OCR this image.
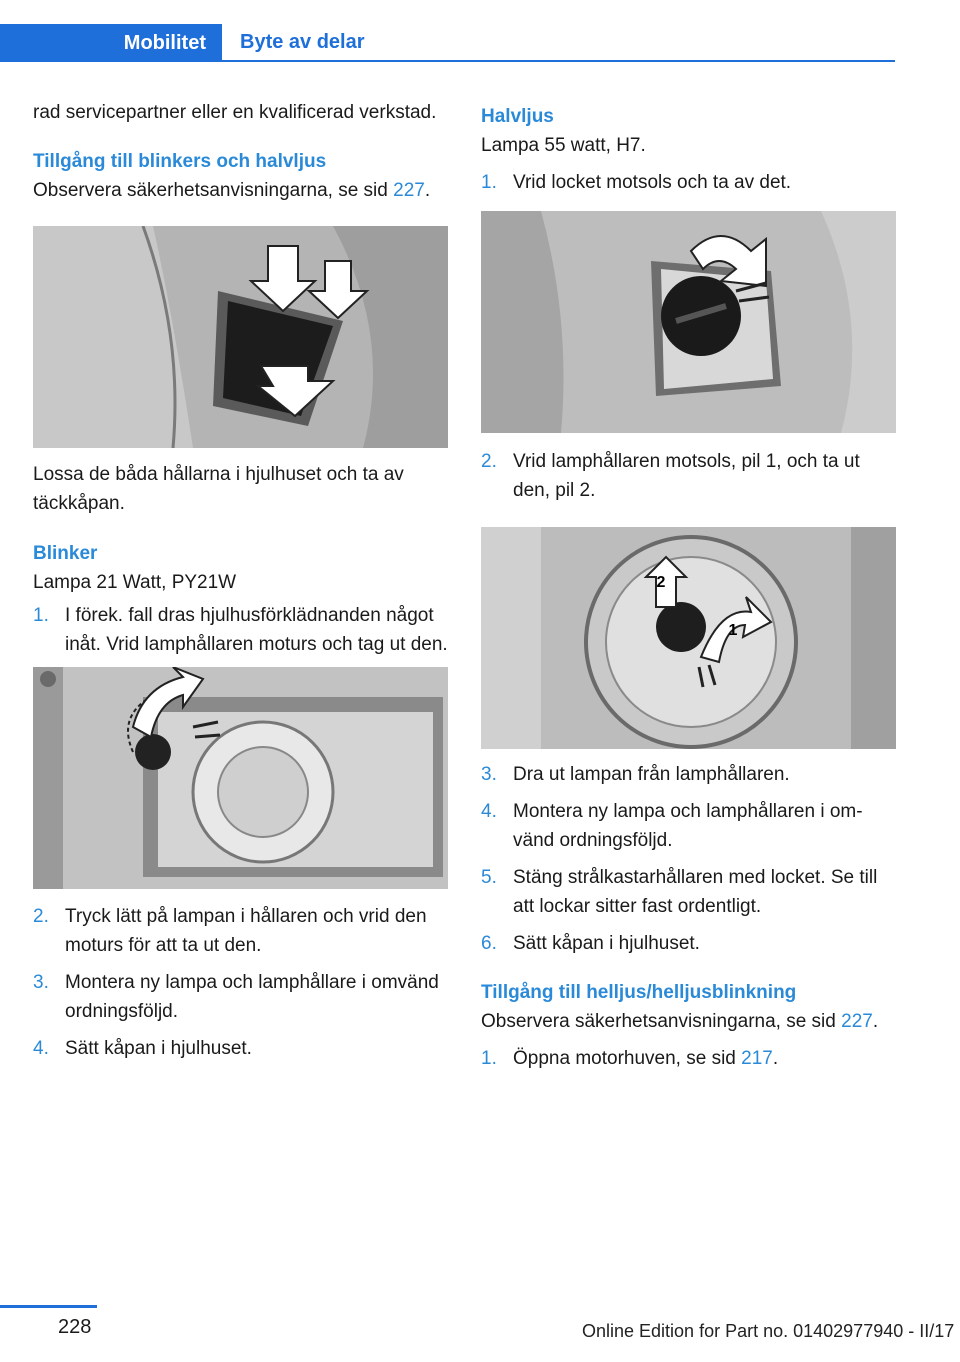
Mobilitet	Byte av delar

rad servicepartner eller en kvalificerad verkstad.

Tillgång till blinkers och halvljus

Observera säkerhetsanvisningarna, se sid 227.

Lossa de båda hållarna i hjulhuset och ta av täckkåpan.

Blinker

Lampa 21 Watt, PY21W

1. I förek. fall dras hjulhusförklädnanden något inåt. Vrid lamphållaren moturs och tag ut den.
2. Tryck lätt på lampan i hållaren och vrid den moturs för att ta ut den.
3. Montera ny lampa och lamphållare i omvänd ordningsföljd.
4. Sätt kåpan i hjulhuset.
Halvljus

Lampa 55 watt, H7.

1. Vrid locket motsols och ta av det.
2. Vrid lamphållaren motsols, pil 1, och ta ut den, pil 2.
2
1
3. Dra ut lampan från lamphållaren.
4. Montera ny lampa och lamphållaren i omvänd ordningsföljd.
5. Stäng strålkastarhållaren med locket. Se till att lockar sitter fast ordentligt.
6. Sätt kåpan i hjulhuset.
Tillgång till helljus/helljusblinkning

Observera säkerhetsanvisningarna, se sid 227.

1. Öppna motorhuven, se sid 217.
228	Online Edition for Part no. 01402977940 - II/17
